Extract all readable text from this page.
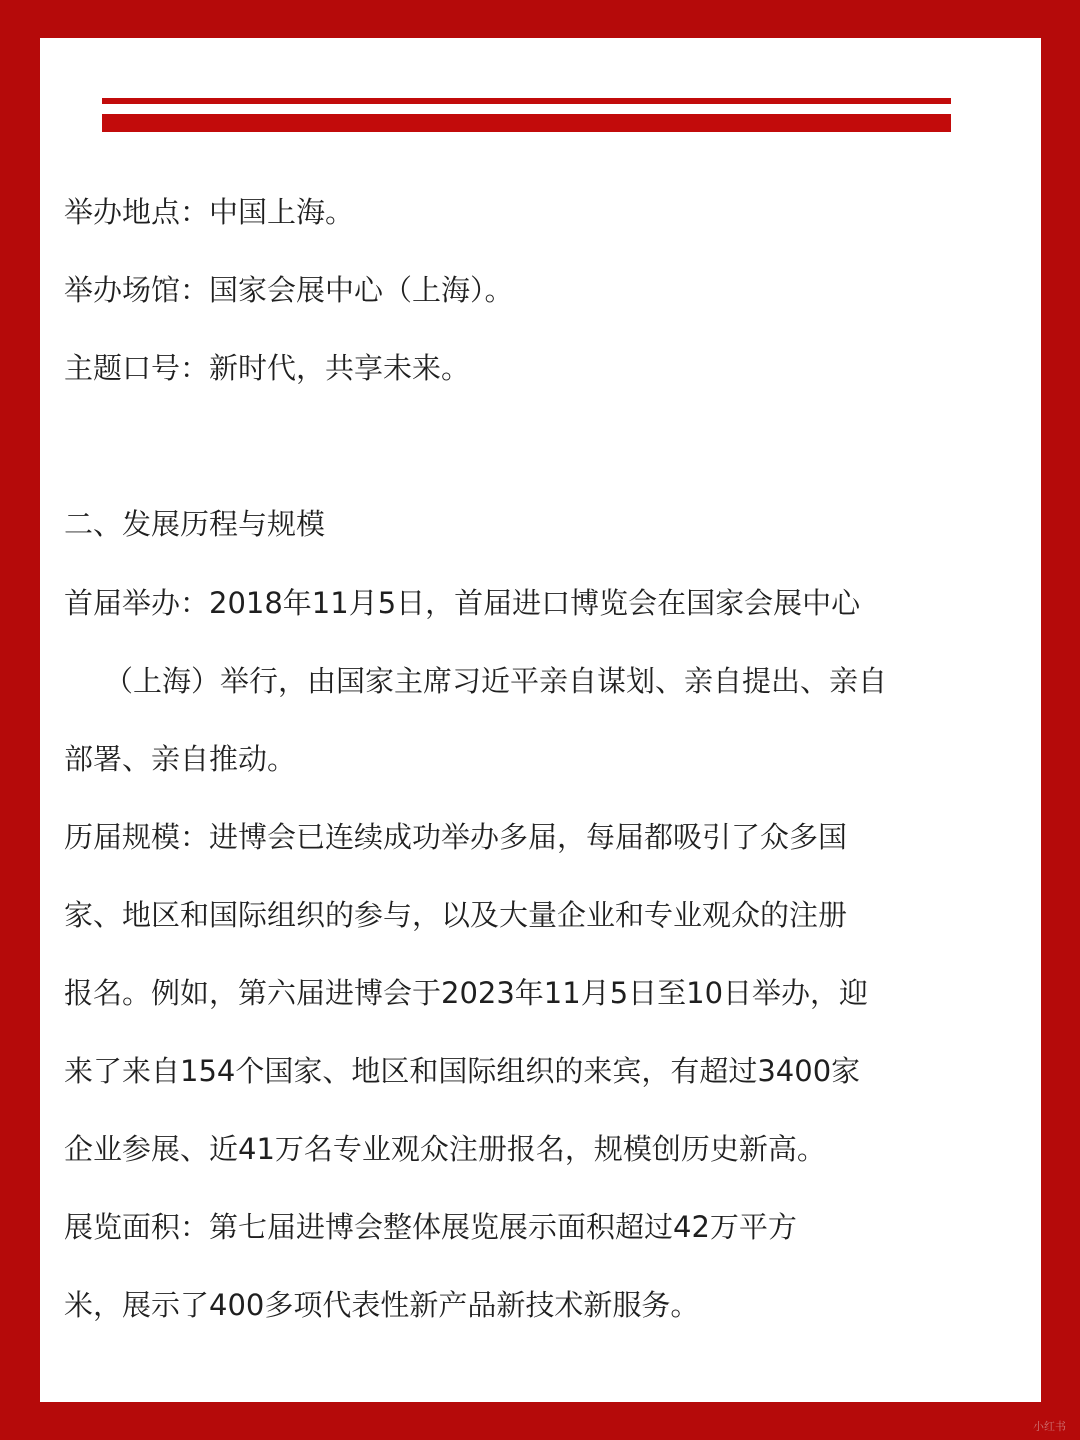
举办地点：中国上海。
举办场馆：国家会展中心（上海）。
主题口号：新时代，共享未来。
二、发展历程与规模
首届举办：2018年11月5日，首届进口博览会在国家会展中心
（上海）举行，由国家主席习近平亲自谋划、亲自提出、亲自
部署、亲自推动。
历届规模：进博会已连续成功举办多届，每届都吸引了众多国
家、地区和国际组织的参与，以及大量企业和专业观众的注册
报名。例如，第六届进博会于2023年11月5日至10日举办，迎
来了来自154个国家、地区和国际组织的来宾，有超过3400家
企业参展、近41万名专业观众注册报名，规模创历史新高。
展览面积：第七届进博会整体展览展示面积超过42万平方
米，展示了400多项代表性新产品新技术新服务。
小红书
